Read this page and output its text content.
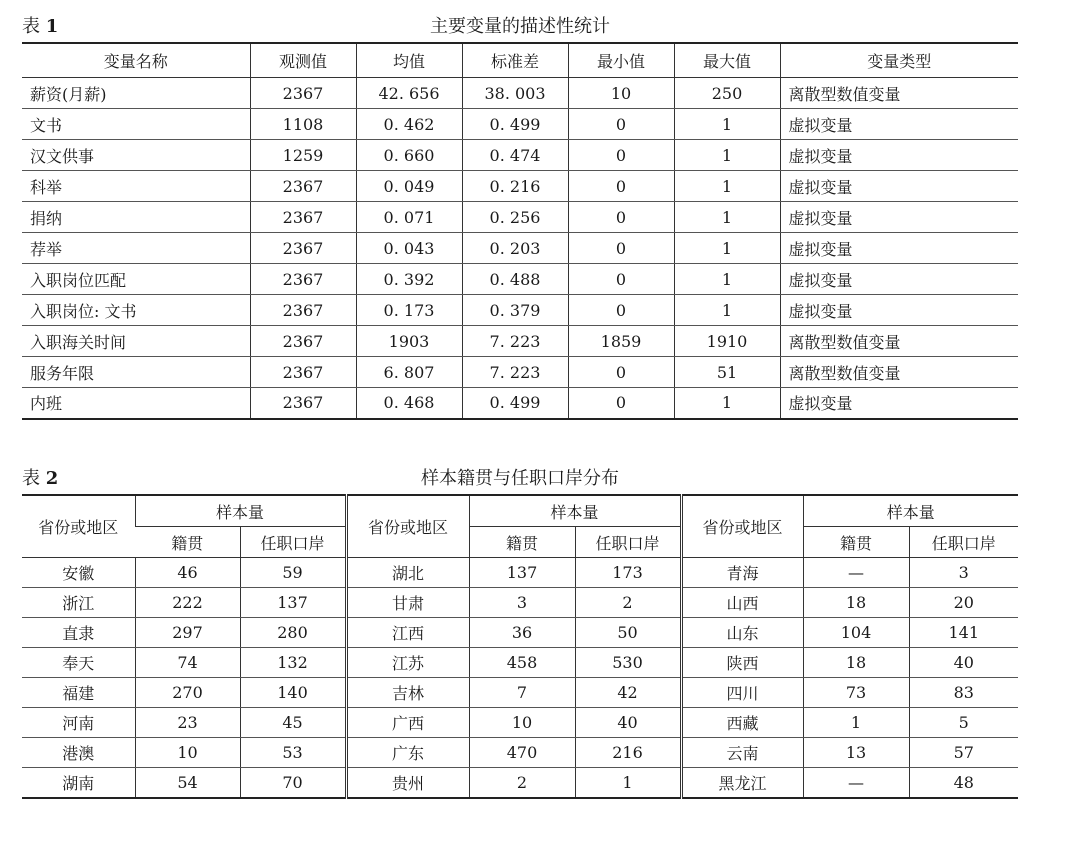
表 1	主要变量的描述性统计
变量名称	观测值	均值	标准差	最小值	最大值	变量类型
薪资(月薪)	2367	42. 656	38. 003	10	250	离散型数值变量
文书	1108	0. 462	0. 499	0	1	虚拟变量
汉文供事	1259	0. 660	0. 474	0	1	虚拟变量
科举	2367	0. 049	0. 216	0	1	虚拟变量
捐纳	2367	0. 071	0. 256	0	1	虚拟变量
荐举	2367	0. 043	0. 203	0	1	虚拟变量
入职岗位匹配	2367	0. 392	0. 488	0	1	虚拟变量
入职岗位: 文书	2367	0. 173	0. 379	0	1	虚拟变量
入职海关时间	2367	1903	7. 223	1859	1910	离散型数值变量
服务年限	2367	6. 807	7. 223	0	51	离散型数值变量
内班	2367	0. 468	0. 499	0	1	虚拟变量
表 2	样本籍贯与任职口岸分布
省份或地区	样本量		省份或地区	样本量		省份或地区	样本量	
	籍贯	任职口岸		籍贯	任职口岸		籍贯	任职口岸
安徽	46	59	湖北	137	173	青海	—	3
浙江	222	137	甘肃	3	2	山西	18	20
直隶	297	280	江西	36	50	山东	104	141
奉天	74	132	江苏	458	530	陕西	18	40
福建	270	140	吉林	7	42	四川	73	83
河南	23	45	广西	10	40	西藏	1	5
港澳	10	53	广东	470	216	云南	13	57
湖南	54	70	贵州	2	1	黑龙江	—	48
